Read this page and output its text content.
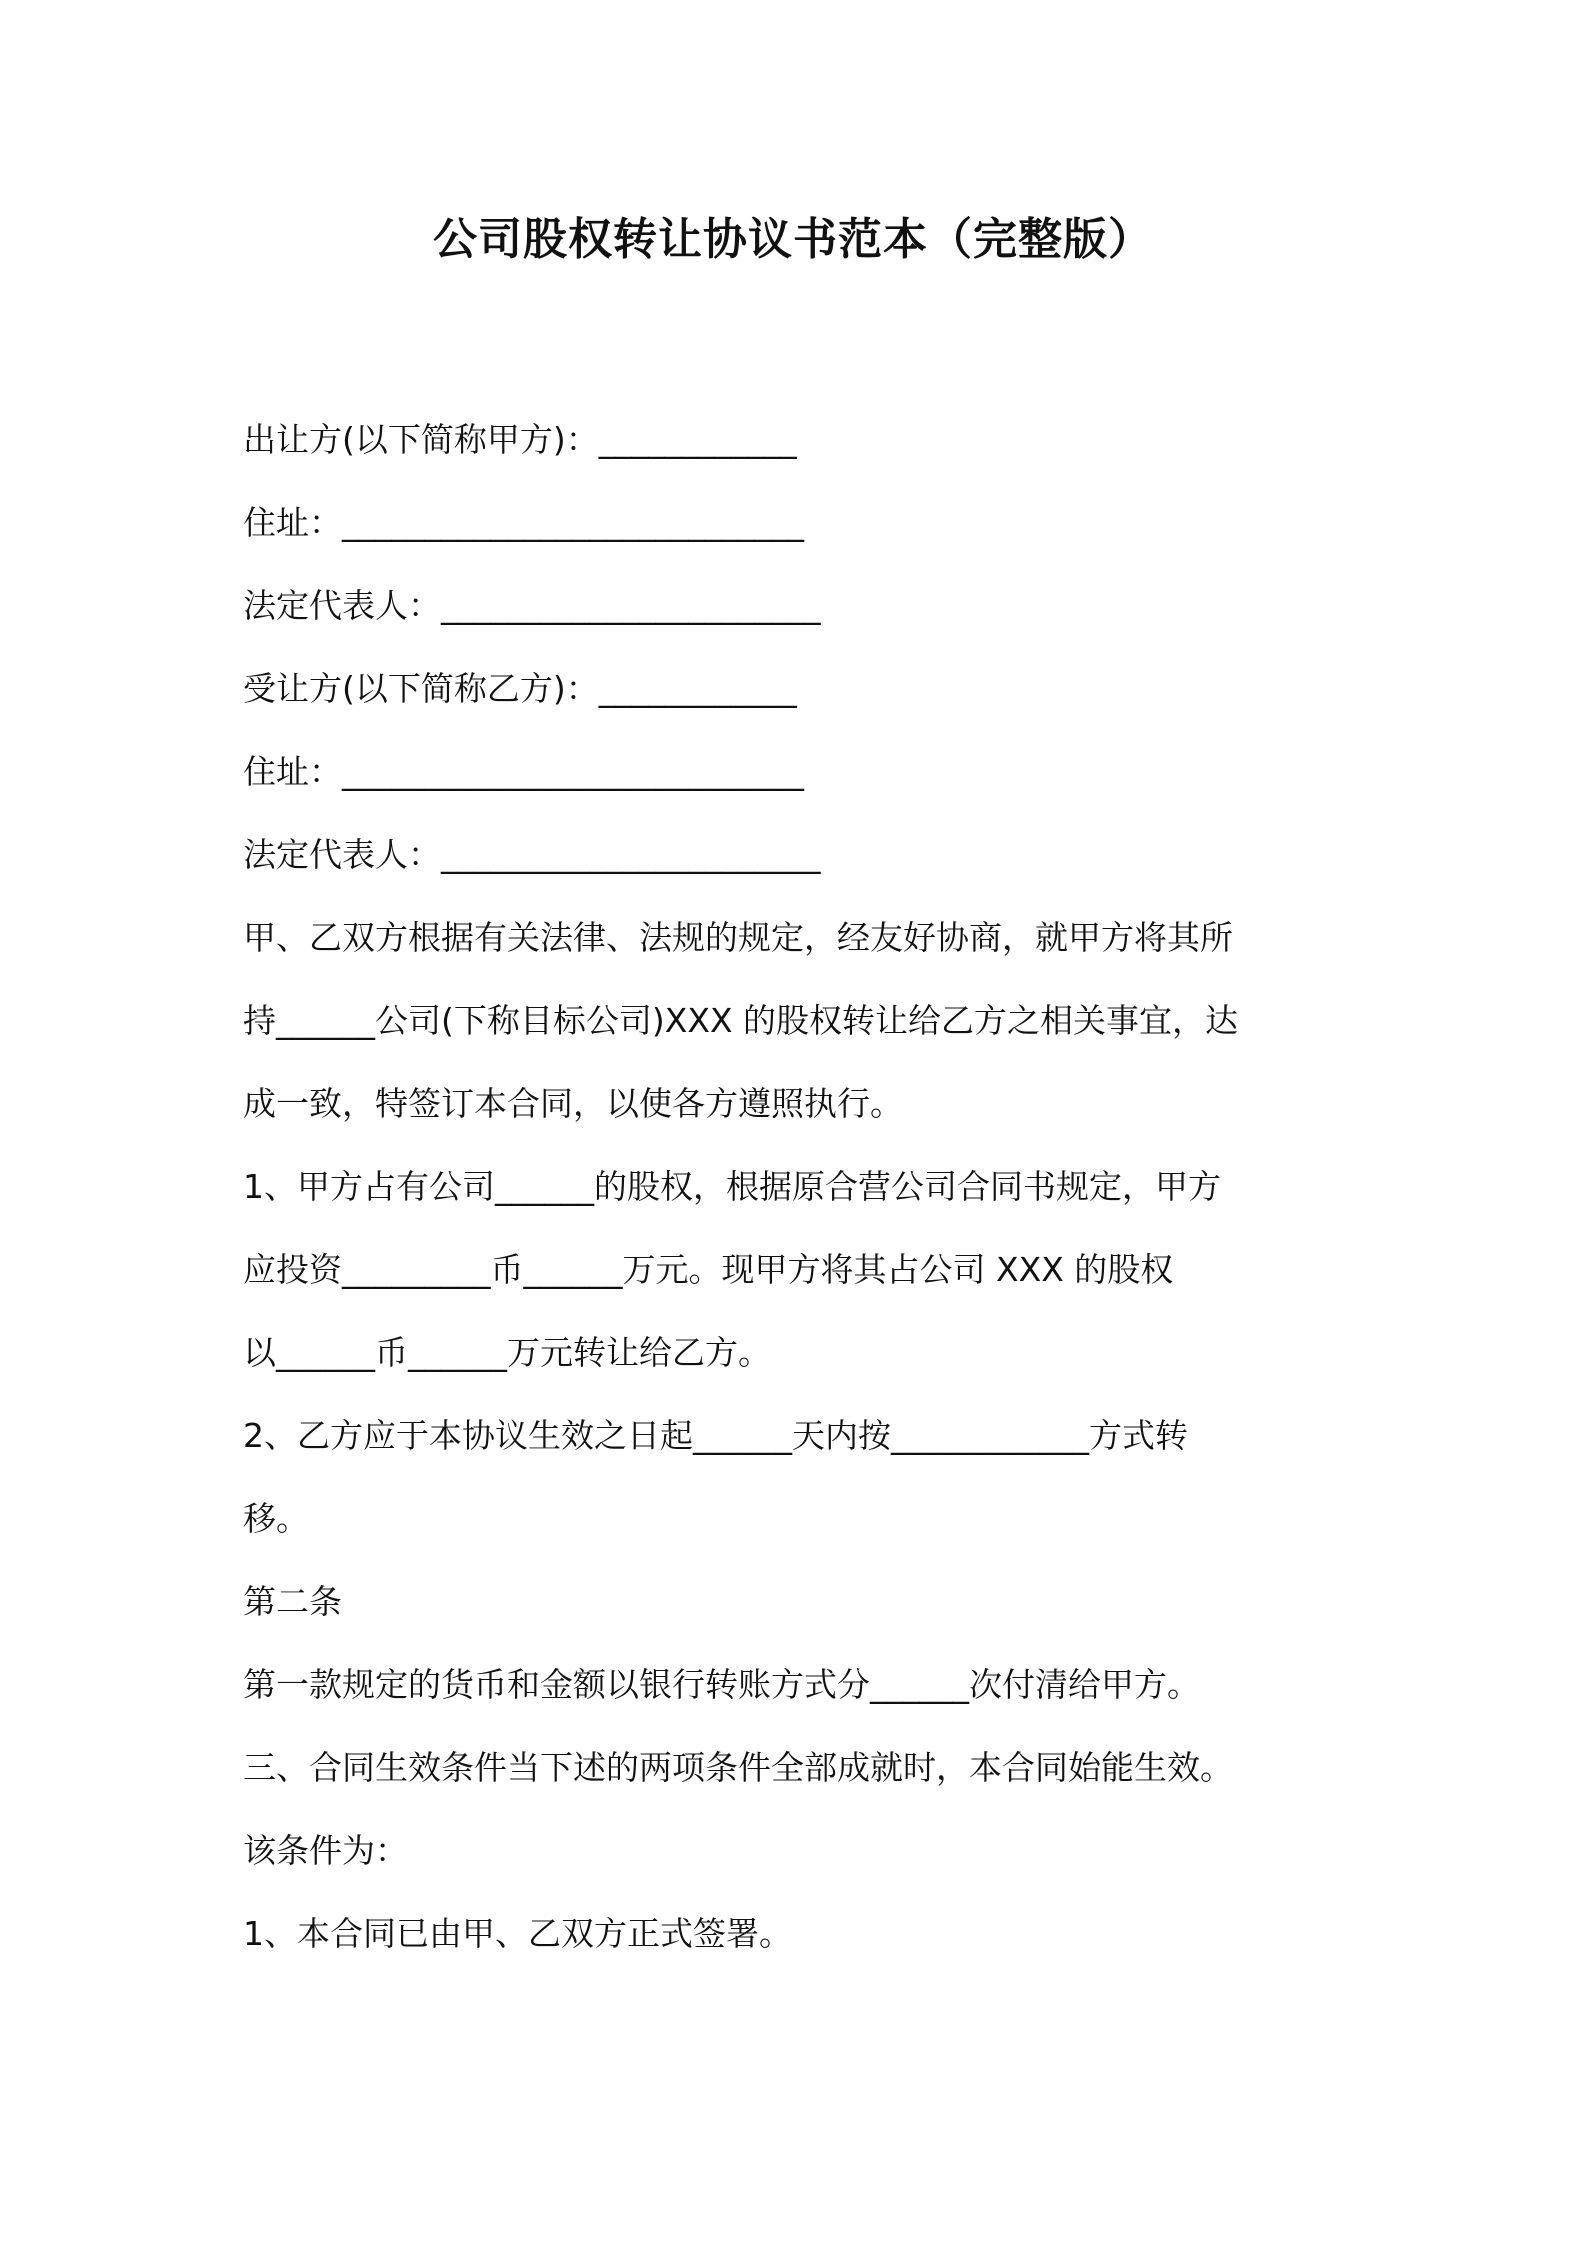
公司股权转让协议书范本（完整版）
出让方(以下简称甲方)：____________
住址：____________________________
法定代表人：_______________________
受让方(以下简称乙方)：____________
住址：____________________________
法定代表人：_______________________
甲、乙双方根据有关法律、法规的规定，经友好协商，就甲方将其所
持______公司(下称目标公司)XXX 的股权转让给乙方之相关事宜，达
成一致，特签订本合同，以使各方遵照执行。
1、甲方占有公司______的股权，根据原合营公司合同书规定，甲方
应投资_________币______万元。现甲方将其占公司 XXX 的股权
以______币______万元转让给乙方。
2、乙方应于本协议生效之日起______天内按____________方式转
移。
第二条
第一款规定的货币和金额以银行转账方式分______次付清给甲方。
三、合同生效条件当下述的两项条件全部成就时，本合同始能生效。
该条件为：
1、本合同已由甲、乙双方正式签署。
